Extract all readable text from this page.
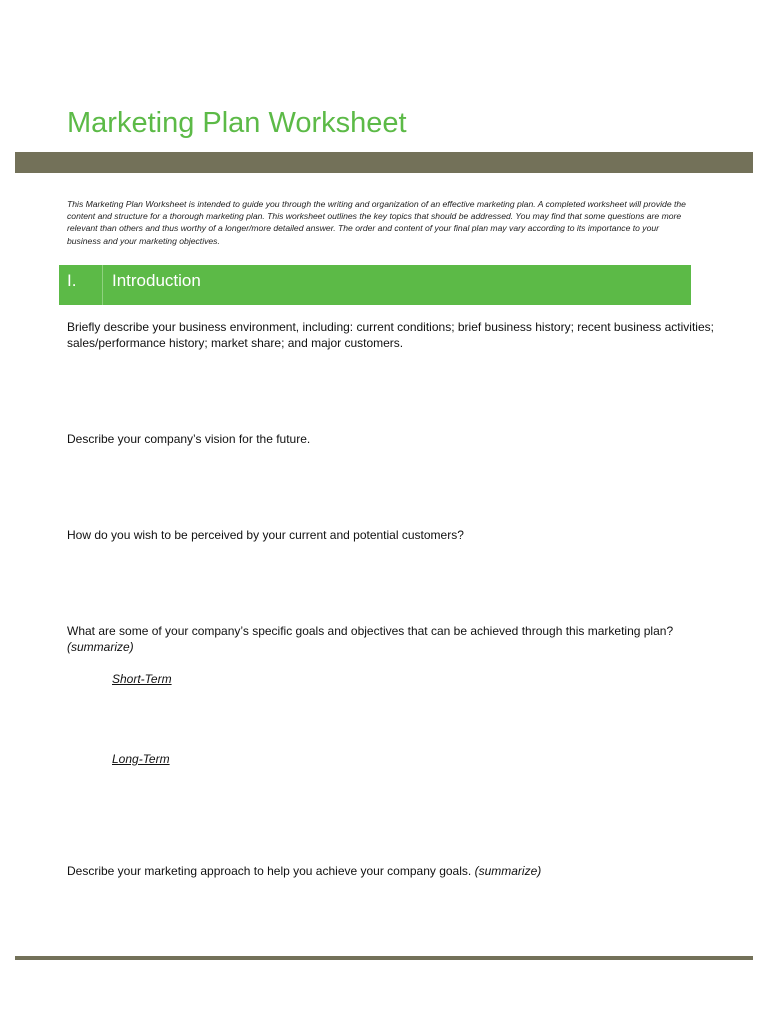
Marketing Plan Worksheet
This Marketing Plan Worksheet is intended to guide you through the writing and organization of an effective marketing plan. A completed worksheet will provide the content and structure for a thorough marketing plan. This worksheet outlines the key topics that should be addressed. You may find that some questions are more relevant than others and thus worthy of a longer/more detailed answer. The order and content of your final plan may vary according to its importance to your business and your marketing objectives.
I.	Introduction
Briefly describe your business environment, including: current conditions; brief business history; recent business activities; sales/performance history; market share; and major customers.
Describe your company’s vision for the future.
How do you wish to be perceived by your current and potential customers?
What are some of your company’s specific goals and objectives that can be achieved through this marketing plan? (summarize)
Short-Term
Long-Term
Describe your marketing approach to help you achieve your company goals. (summarize)
